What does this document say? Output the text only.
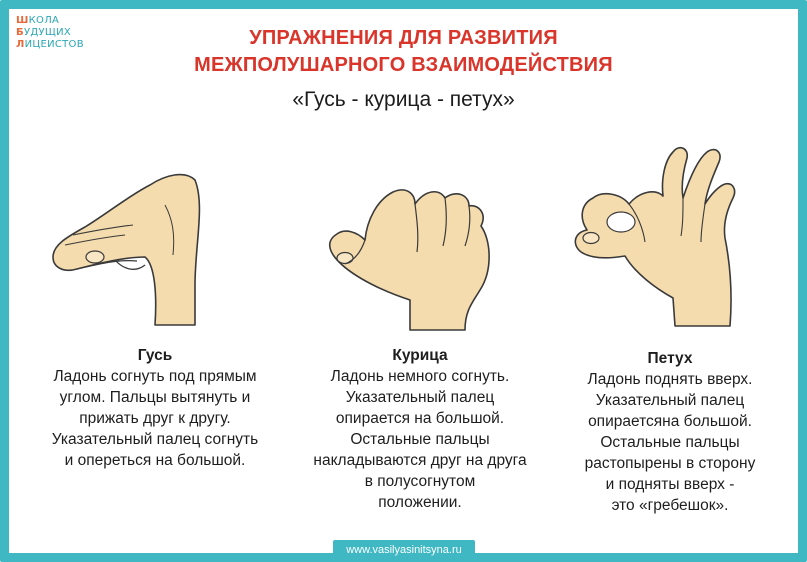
ШКОЛА
БУДУЩИХ
ЛИЦЕИСТОВ	УПРАЖНЕНИЯ ДЛЯ РАЗВИТИЯ
МЕЖПОЛУШАРНОГО ВЗАИМОДЕЙСТВИЯ
«Гусь - курица - петух»
Гусь
Ладонь согнуть под прямым
углом. Пальцы вытянуть и
прижать друг к другу.
Указательный палец согнуть
и опереться на большой.
Курица
Ладонь немного согнуть.
Указательный палец
опирается на большой.
Остальные пальцы
накладываются друг на друга
в полусогнутом
положении.
Петух
Ладонь поднять вверх.
Указательный палец
опираетсяна большой.
Остальные пальцы
растопырены в сторону
и подняты вверх -
это «гребешок».
www.vasilyasinitsyna.ru
